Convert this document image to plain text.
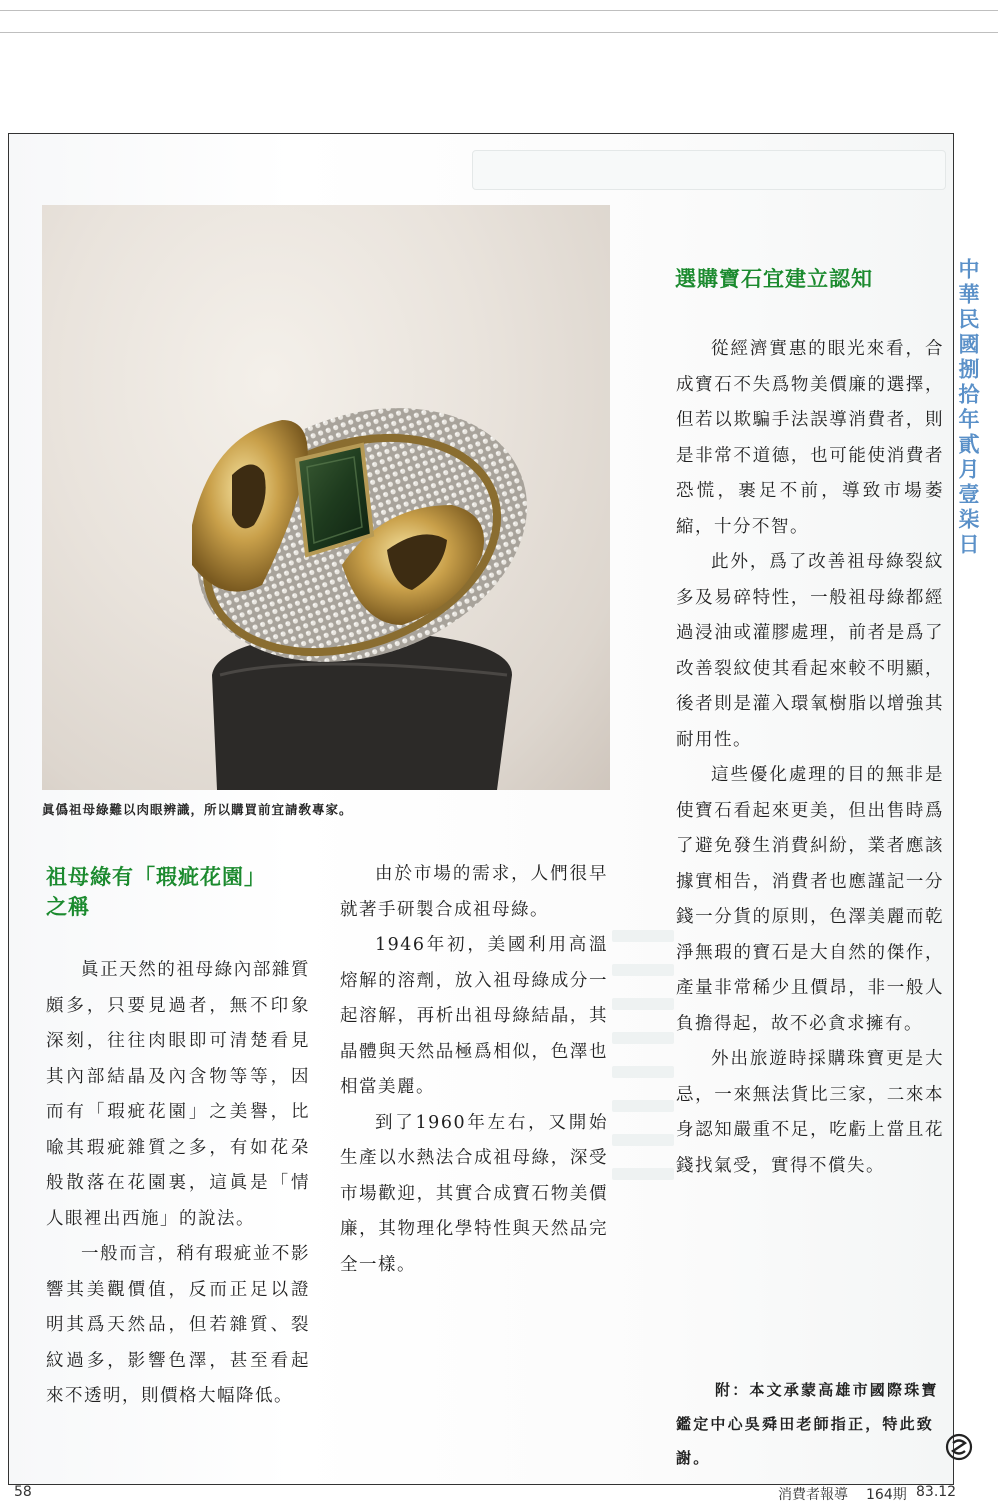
眞僞祖母綠難以肉眼辨識，所以購買前宜請敎專家。
祖母綠有「瑕疵花園」
之稱

眞正天然的祖母綠內部雜質頗多，只要見過者，無不印象深刻，往往肉眼即可清楚看見其內部結晶及內含物等等，因而有「瑕疵花園」之美譽，比喩其瑕疵雜質之多，有如花朶般散落在花園裏，這眞是「情人眼裡出西施」的說法。

一般而言，稍有瑕疵並不影響其美觀價值，反而正足以證明其爲天然品，但若雜質、裂紋過多，影響色澤，甚至看起來不透明，則價格大幅降低。

由於市場的需求，人們很早就著手研製合成祖母綠。

1946年初，美國利用高溫熔解的溶劑，放入祖母綠成分一起溶解，再析出祖母綠結晶，其晶體與天然品極爲相似，色澤也相當美麗。

到了1960年左右，又開始生產以水熱法合成祖母綠，深受市場歡迎，其實合成寶石物美價廉，其物理化學特性與天然品完全一樣。

選購寶石宜建立認知

從經濟實惠的眼光來看，合成寶石不失爲物美價廉的選擇，但若以欺騙手法誤導消費者，則是非常不道德，也可能使消費者恐慌，裹足不前，導致市場萎縮，十分不智。

此外，爲了改善祖母綠裂紋多及易碎特性，一般祖母綠都經過浸油或灌膠處理，前者是爲了改善裂紋使其看起來較不明顯，後者則是灌入環氧樹脂以增強其耐用性。

這些優化處理的目的無非是使寶石看起來更美，但出售時爲了避免發生消費糾紛，業者應該據實相告，消費者也應謹記一分錢一分貨的原則，色澤美麗而乾淨無瑕的寶石是大自然的傑作，產量非常稀少且價昂，非一般人負擔得起，故不必貪求擁有。

外出旅遊時採購珠寶更是大忌，一來無法貨比三家，二來本身認知嚴重不足，吃虧上當且花錢找氣受，實得不償失。

附：本文承蒙高雄市國際珠寶鑑定中心吳舜田老師指正，特此致謝。

中華民國捌拾年貳月壹柒日
58	消費者報導 164期 83.12
